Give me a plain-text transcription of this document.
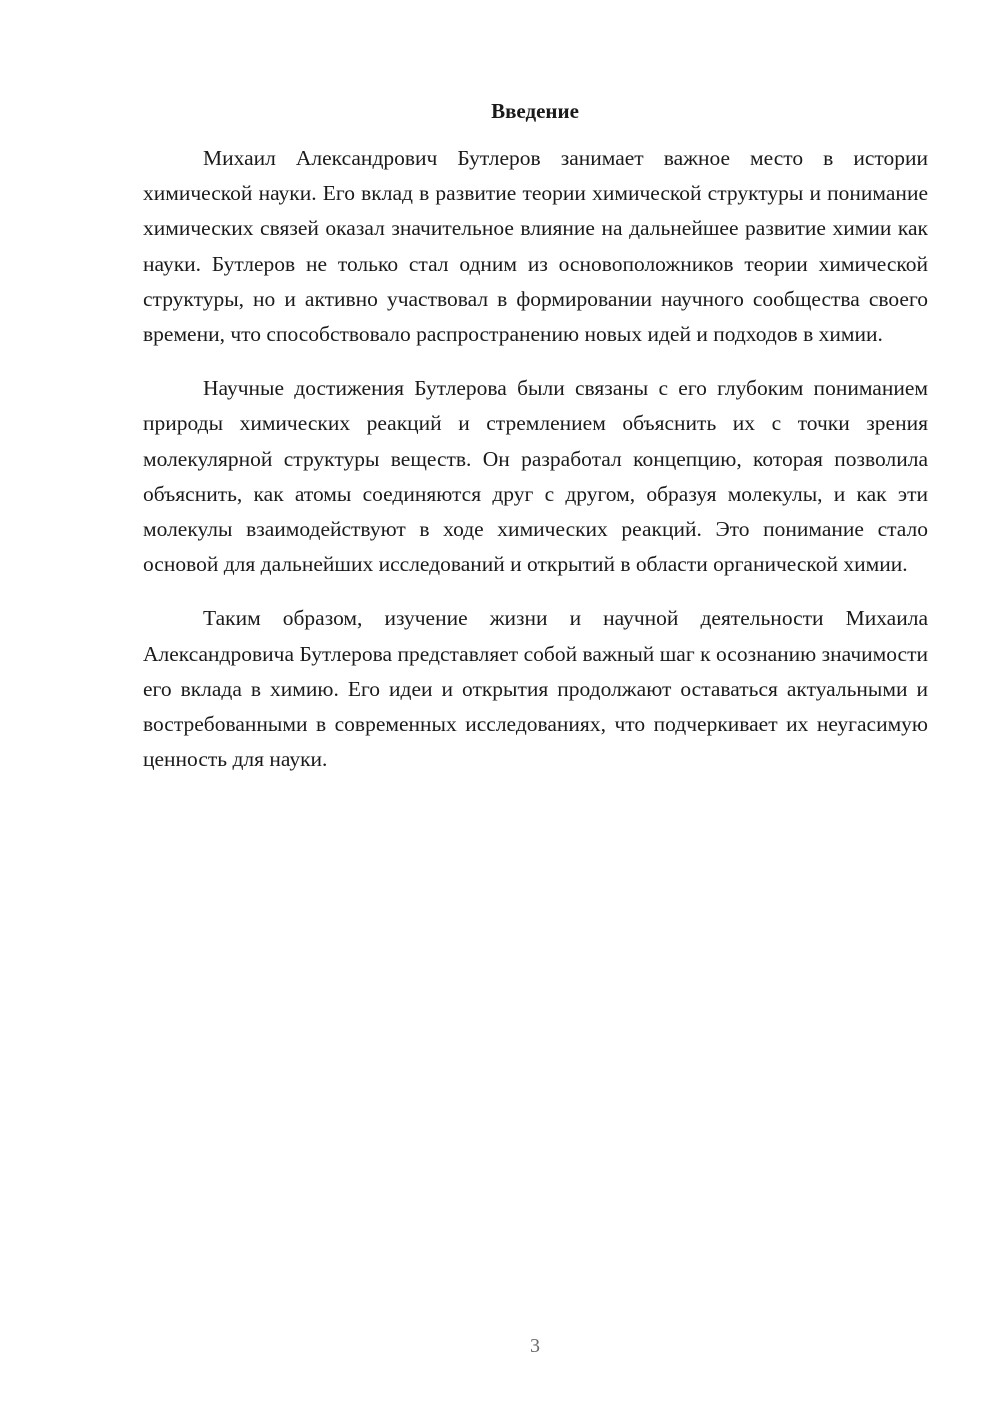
Введение

Михаил Александрович Бутлеров занимает важное место в истории химической науки. Его вклад в развитие теории химической структуры и понимание химических связей оказал значительное влияние на дальнейшее развитие химии как науки. Бутлеров не только стал одним из основоположников теории химической структуры, но и активно участвовал в формировании научного сообщества своего времени, что способствовало распространению новых идей и подходов в химии.

Научные достижения Бутлерова были связаны с его глубоким пониманием природы химических реакций и стремлением объяснить их с точки зрения молекулярной структуры веществ. Он разработал концепцию, которая позволила объяснить, как атомы соединяются друг с другом, образуя молекулы, и как эти молекулы взаимодействуют в ходе химических реакций. Это понимание стало основой для дальнейших исследований и открытий в области органической химии.

Таким образом, изучение жизни и научной деятельности Михаила Александровича Бутлерова представляет собой важный шаг к осознанию значимости его вклада в химию. Его идеи и открытия продолжают оставаться актуальными и востребованными в современных исследованиях, что подчеркивает их неугасимую ценность для науки.

3
